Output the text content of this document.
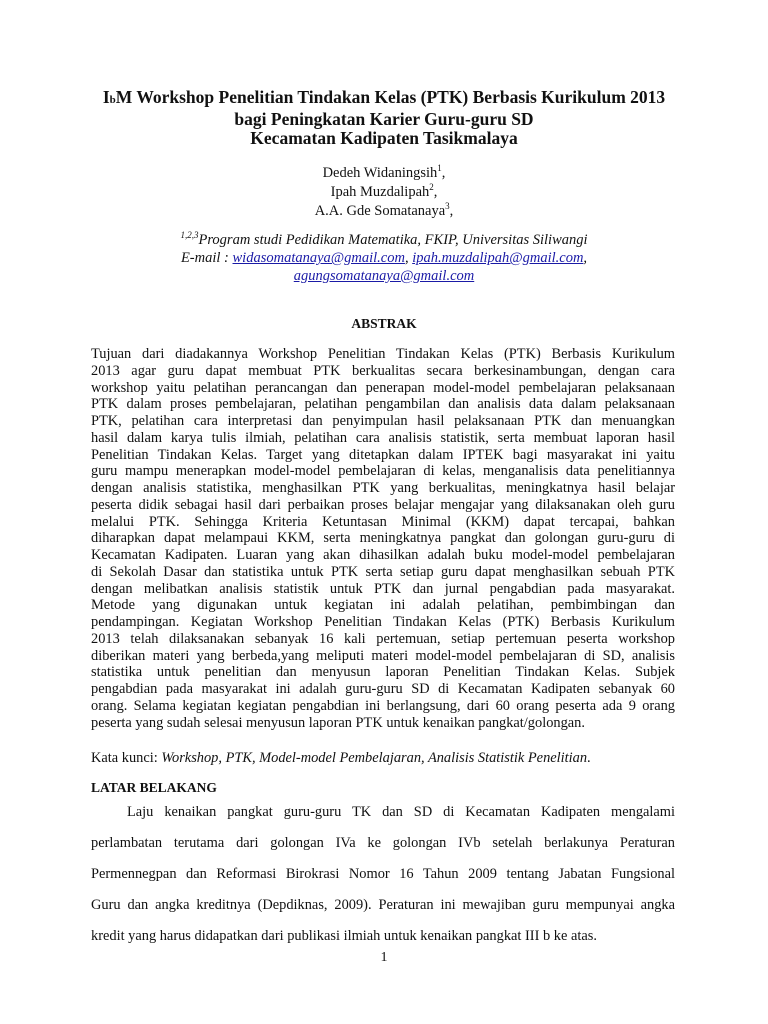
IbM Workshop Penelitian Tindakan Kelas (PTK) Berbasis Kurikulum 2013
bagi Peningkatan Karier Guru-guru SD
Kecamatan Kadipaten Tasikmalaya
Dedeh Widaningsih$^1$,
Ipah Muzdalipah$^2$,
A.A. Gde Somatanaya$^3$,
$^{1,2,3}$Program studi Pedidikan Matematika, FKIP, Universitas Siliwangi
E-mail : widasomatanaya@gmail.com, ipah.muzdalipah@gmail.com,
agungsomatanaya@gmail.com
ABSTRAK
Tujuan dari diadakannya Workshop Penelitian Tindakan Kelas (PTK) Berbasis Kurikulum
2013 agar guru dapat membuat PTK berkualitas secara berkesinambungan, dengan cara
workshop yaitu pelatihan perancangan dan penerapan model-model pembelajaran pelaksanaan
PTK dalam proses pembelajaran, pelatihan pengambilan dan analisis data dalam pelaksanaan
PTK, pelatihan cara interpretasi dan penyimpulan hasil pelaksanaan PTK dan menuangkan
hasil dalam karya tulis ilmiah, pelatihan cara analisis statistik, serta membuat laporan hasil
Penelitian Tindakan Kelas. Target yang ditetapkan dalam IPTEK bagi masyarakat ini yaitu
guru mampu menerapkan model-model pembelajaran di kelas, menganalisis data penelitiannya
dengan analisis statistika, menghasilkan PTK yang berkualitas, meningkatnya hasil belajar
peserta didik sebagai hasil dari perbaikan proses belajar mengajar yang dilaksanakan oleh guru
melalui PTK. Sehingga Kriteria Ketuntasan Minimal (KKM) dapat tercapai, bahkan
diharapkan dapat melampaui KKM, serta meningkatnya pangkat dan golongan guru-guru di
Kecamatan Kadipaten. Luaran yang akan dihasilkan adalah buku model-model pembelajaran
di Sekolah Dasar dan statistika untuk PTK serta setiap guru dapat menghasilkan sebuah PTK
dengan melibatkan analisis statistik untuk PTK dan jurnal pengabdian pada masyarakat.
Metode yang digunakan untuk kegiatan ini adalah pelatihan, pembimbingan dan
pendampingan. Kegiatan Workshop Penelitian Tindakan Kelas (PTK) Berbasis Kurikulum
2013 telah dilaksanakan sebanyak 16 kali pertemuan, setiap pertemuan peserta workshop
diberikan materi yang berbeda,yang meliputi materi model-model pembelajaran di SD, analisis
statistika untuk penelitian dan menyusun laporan Penelitian Tindakan Kelas. Subjek
pengabdian pada masyarakat ini adalah guru-guru SD di Kecamatan Kadipaten sebanyak 60
orang. Selama kegiatan kegiatan pengabdian ini berlangsung, dari 60 orang peserta ada 9 orang
peserta yang sudah selesai menyusun laporan PTK untuk kenaikan pangkat/golongan.
Kata kunci: Workshop, PTK, Model-model Pembelajaran, Analisis Statistik Penelitian.
LATAR BELAKANG
Laju kenaikan pangkat guru-guru TK dan SD di Kecamatan Kadipaten mengalami
perlambatan terutama dari golongan IVa ke golongan IVb setelah berlakunya Peraturan
Permennegpan dan Reformasi Birokrasi Nomor 16 Tahun 2009 tentang Jabatan Fungsional
Guru dan angka kreditnya (Depdiknas, 2009). Peraturan ini mewajiban guru mempunyai angka
kredit yang harus didapatkan dari publikasi ilmiah untuk kenaikan pangkat III b ke atas.
1
